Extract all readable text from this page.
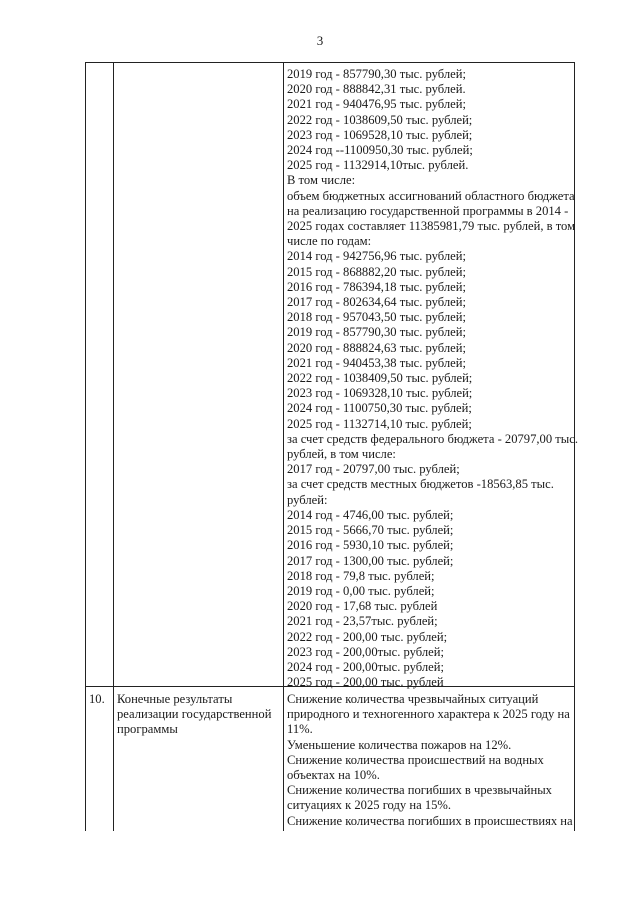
3
2019 год - 857790,30 тыс. рублей;
2020 год - 888842,31 тыс. рублей.
2021 год - 940476,95 тыс. рублей;
2022 год - 1038609,50 тыс. рублей;
2023 год - 1069528,10 тыс. рублей;
2024 год --1100950,30 тыс. рублей;
2025 год - 1132914,10тыс. рублей.
В том числе:
объем бюджетных ассигнований областного бюджета
на реализацию государственной программы в 2014 -
2025 годах составляет 11385981,79 тыс. рублей, в том
числе по годам:
2014 год - 942756,96 тыс. рублей;
2015 год - 868882,20 тыс. рублей;
2016 год - 786394,18 тыс. рублей;
2017 год - 802634,64 тыс. рублей;
2018 год - 957043,50 тыс. рублей;
2019 год - 857790,30 тыс. рублей;
2020 год - 888824,63 тыс. рублей;
2021 год - 940453,38 тыс. рублей;
2022 год - 1038409,50 тыс. рублей;
2023 год - 1069328,10 тыс. рублей;
2024 год - 1100750,30 тыс. рублей;
2025 год - 1132714,10 тыс. рублей;
за счет средств федерального бюджета - 20797,00 тыс.
рублей, в том числе:
2017 год - 20797,00 тыс. рублей;
за счет средств местных бюджетов -18563,85 тыс.
рублей:
2014 год - 4746,00 тыс. рублей;
2015 год - 5666,70 тыс. рублей;
2016 год - 5930,10 тыс. рублей;
2017 год - 1300,00 тыс. рублей;
2018 год - 79,8 тыс. рублей;
2019 год - 0,00 тыс. рублей;
2020 год - 17,68 тыс. рублей
2021 год - 23,57тыс. рублей;
2022 год - 200,00 тыс. рублей;
2023 год - 200,00тыс. рублей;
2024 год - 200,00тыс. рублей;
2025 год - 200,00 тыс. рублей
10. Конечные результаты
реализации государственной
программы
Снижение количества чрезвычайных ситуаций
природного и техногенного характера к 2025 году на
11%.
Уменьшение количества пожаров на 12%.
Снижение количества происшествий на водных
объектах на 10%.
Снижение количества погибших в чрезвычайных
ситуациях к 2025 году на 15%.
Снижение количества погибших в происшествиях на
